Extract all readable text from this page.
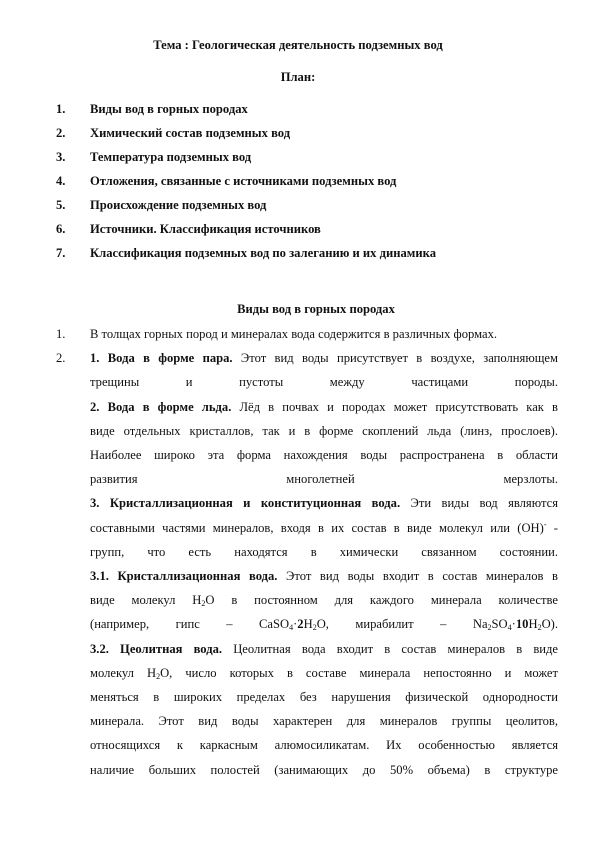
Тема : Геологическая деятельность подземных вод
План:
1. Виды вод в горных породах
2. Химический состав подземных вод
3. Температура подземных вод
4. Отложения, связанные с источниками подземных вод
5. Происхождение подземных вод
6. Источники. Классификация источников
7. Классификация подземных вод по залеганию и их динамика
Виды вод в горных породах
1. В толщах горных пород и минералах вода содержится в различных формах.
2. 1. Вода в форме пара. Этот вид воды присутствует в воздухе, заполняющем
трещины и пустоты между частицами породы.
2. Вода в форме льда. Лёд в почвах и породах может присутствовать как в
виде отдельных кристаллов, так и в форме скоплений льда (линз, прослоев).
Наиболее широко эта форма нахождения воды распространена в области
развития многолетней мерзлоты.
3. Кристаллизационная и конституционная вода. Эти виды вод являются
составными частями минералов, входя в их состав в виде молекул или (ОН)- -
групп, что есть находятся в химически связанном состоянии.
3.1. Кристаллизационная вода. Этот вид воды входит в состав минералов в
виде молекул $Н_2О$ в постоянном для каждого минерала количестве
(например, гипс – $CaSO_4\cdot 2H_2O$, мирабилит – $Na_2SO_4\cdot 10H_2O$).
3.2. Цеолитная вода. Цеолитная вода входит в состав минералов в виде
молекул $Н_2О$, число которых в составе минерала непостоянно и может
меняться в широких пределах без нарушения физической однородности
минерала. Этот вид воды характерен для минералов группы цеолитов,
относящихся к каркасным алюмосиликатам. Их особенностью является
наличие больших полостей (занимающих до 50% объема) в структуре
